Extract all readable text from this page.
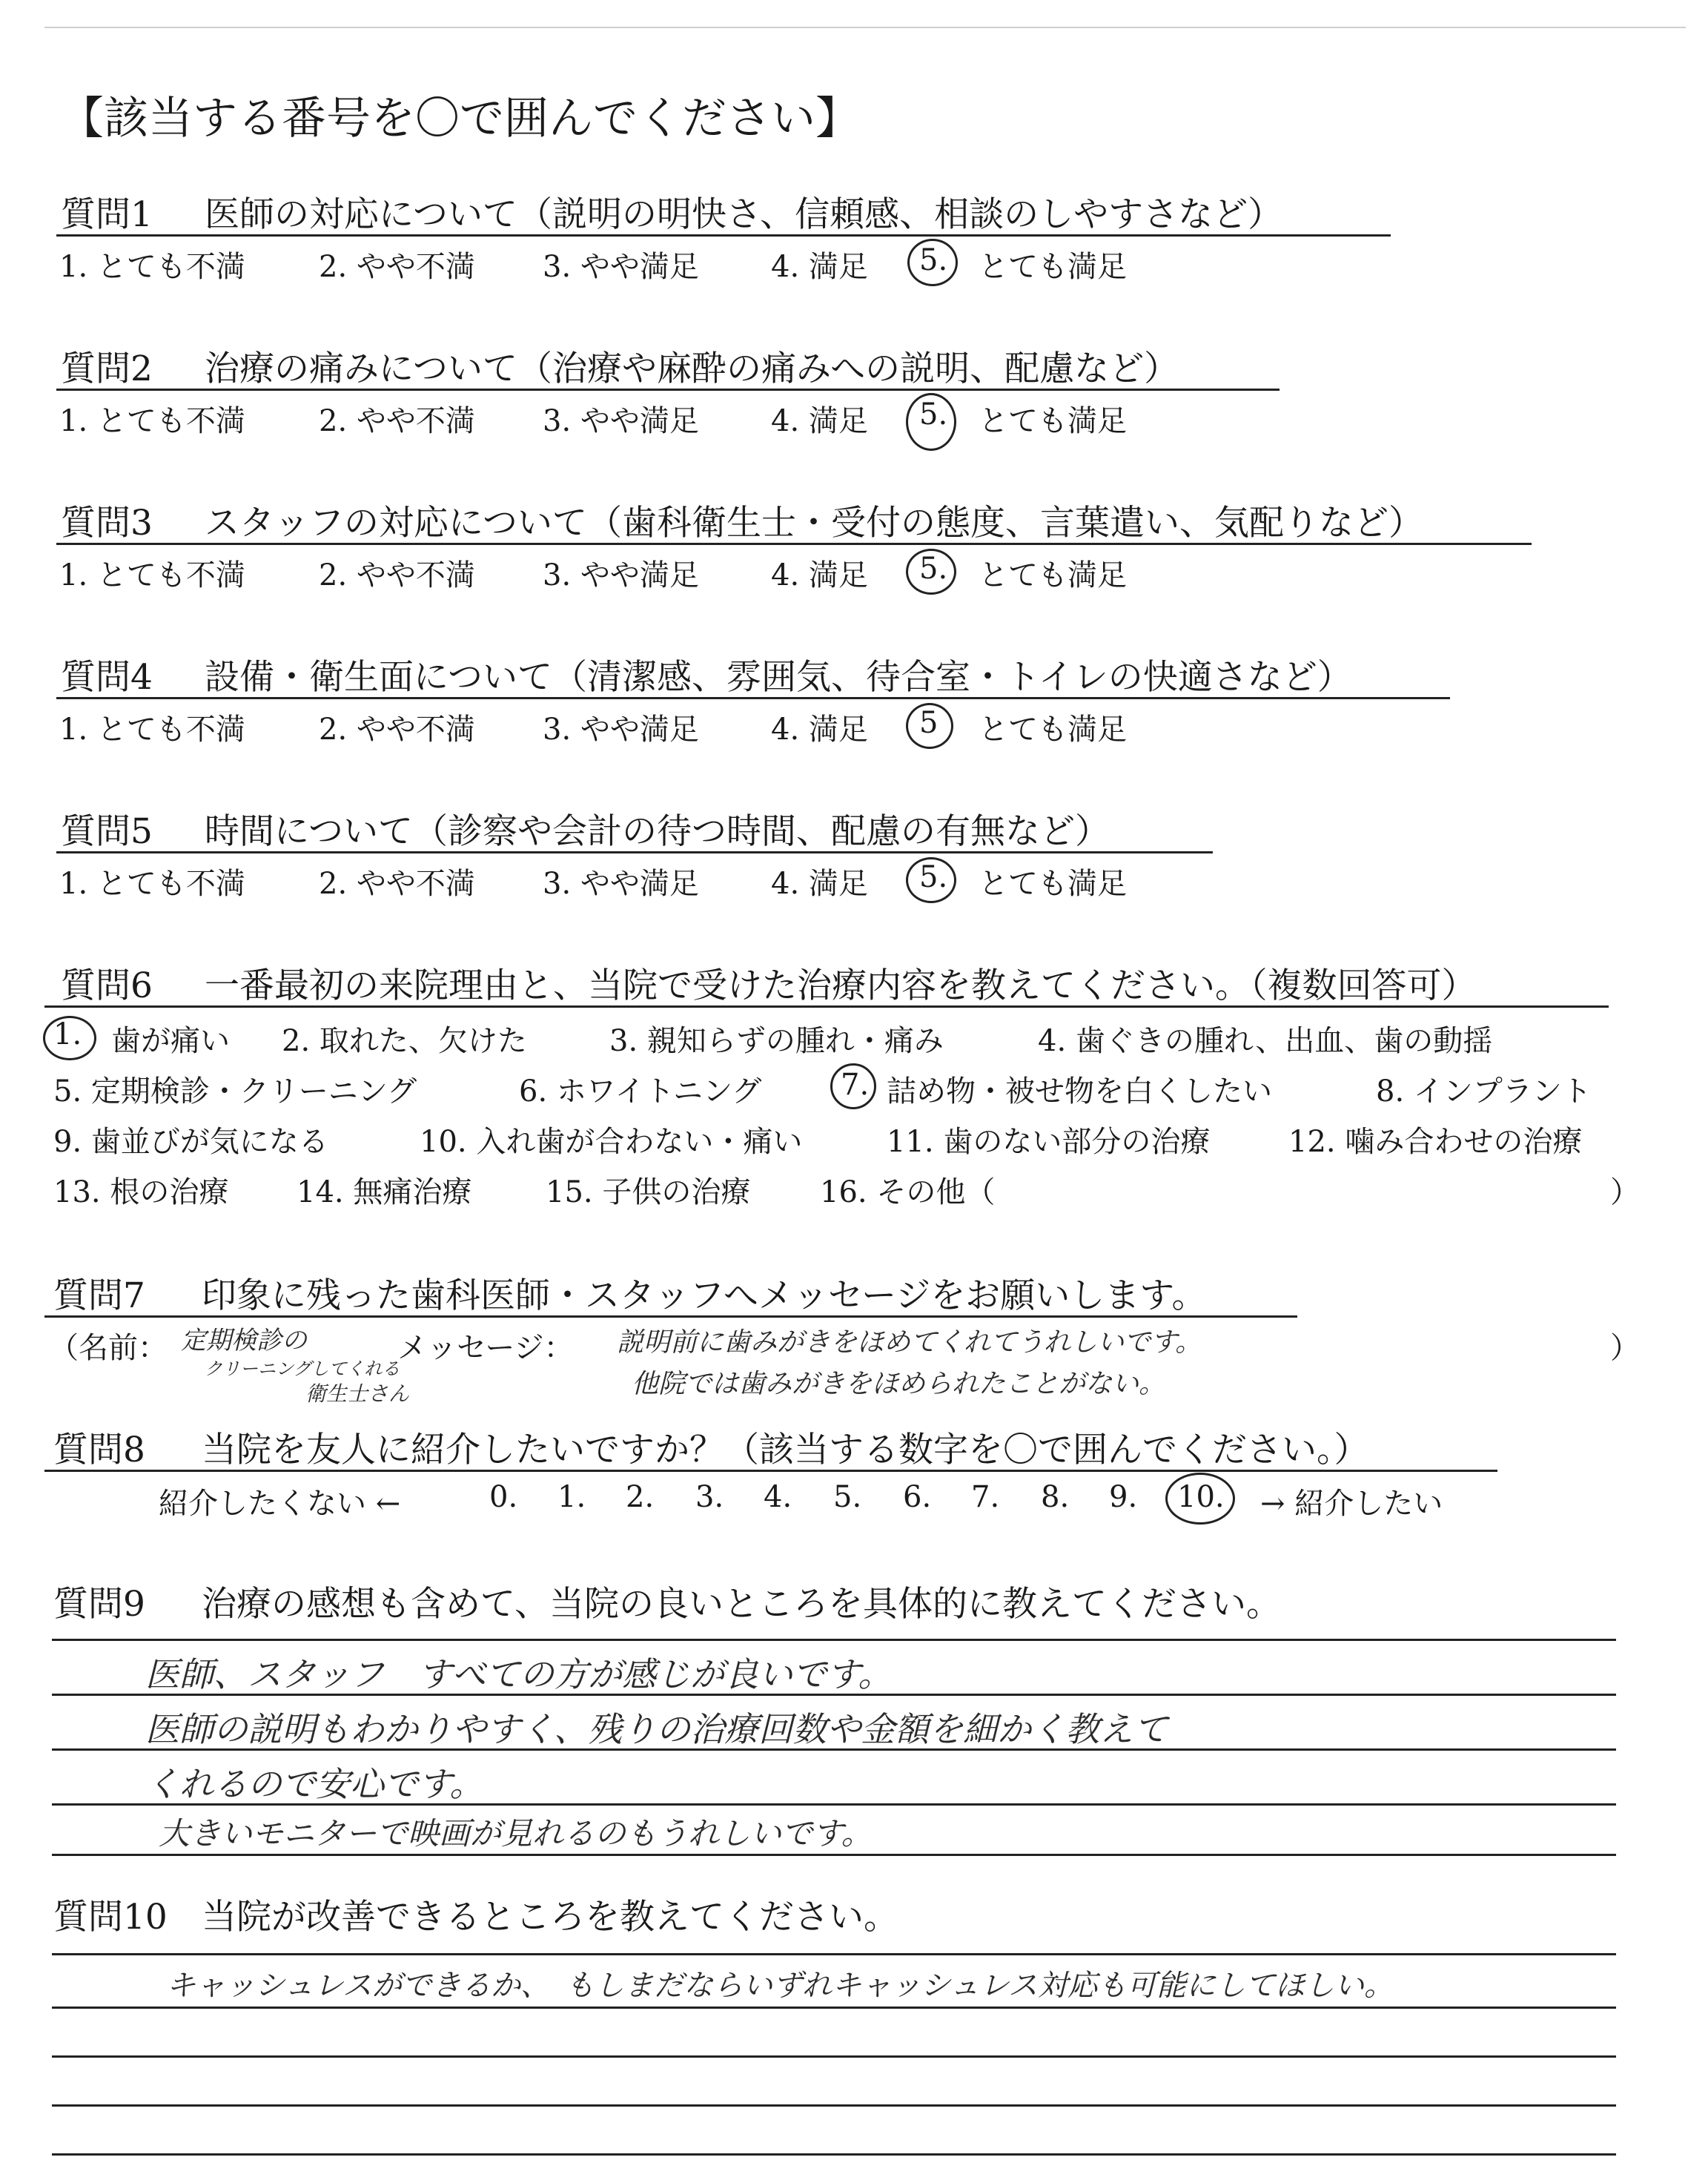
【該当する番号を〇で囲んでください】
質問1 医師の対応について（説明の明快さ、信頼感、相談のしやすさなど）
1. とても不満 2. やや不満 3. やや満足 4. 満足 5. とても満足
質問2 治療の痛みについて（治療や麻酔の痛みへの説明、配慮など）
1. とても不満 2. やや不満 3. やや満足 4. 満足 5. とても満足
質問3 スタッフの対応について（歯科衛生士・受付の態度、言葉遣い、気配りなど）
1. とても不満 2. やや不満 3. やや満足 4. 満足 5. とても満足
質問4 設備・衛生面について（清潔感、雰囲気、待合室・トイレの快適さなど）
1. とても不満 2. やや不満 3. やや満足 4. 満足 5 とても満足
質問5 時間について（診察や会計の待つ時間、配慮の有無など）
1. とても不満 2. やや不満 3. やや満足 4. 満足 5. とても満足
質問6 一番最初の来院理由と、当院で受けた治療内容を教えてください。（複数回答可）
1. 歯が痛い 2. 取れた、欠けた	3. 親知らずの腫れ・痛み	4. 歯ぐきの腫れ、出血、歯の動揺
5. 定期検診・クリーニング	6. ホワイトニング	7. 詰め物・被せ物を白くしたい	8. インプラント
9. 歯並びが気になる	10. 入れ歯が合わない・痛い	11. 歯のない部分の治療	12. 噛み合わせの治療
13. 根の治療 14. 無痛治療 15. 子供の治療 16. その他（	）
質問7 印象に残った歯科医師・スタッフへメッセージをお願いします。
（名前： 定期検診の
クリーニングしてくれる
衛生士さん
メッセージ： 説明前に歯みがきをほめてくれてうれしいです。
他院では歯みがきをほめられたことがない。
）
質問8 当院を友人に紹介したいですか？（該当する数字を〇で囲んでください。）
紹介したくない ←	0. 1. 2. 3. 4. 5. 6. 7. 8. 9. 10. → 紹介したい
質問9 治療の感想も含めて、当院の良いところを具体的に教えてください。
医師、スタッフ　すべての方が感じが良いです。
医師の説明もわかりやすく、残りの治療回数や金額を細かく教えて
くれるので安心です。
大きいモニターで映画が見れるのもうれしいです。
質問10 当院が改善できるところを教えてください。
キャッシュレスができるか、　もしまだならいずれキャッシュレス対応も可能にしてほしい。
